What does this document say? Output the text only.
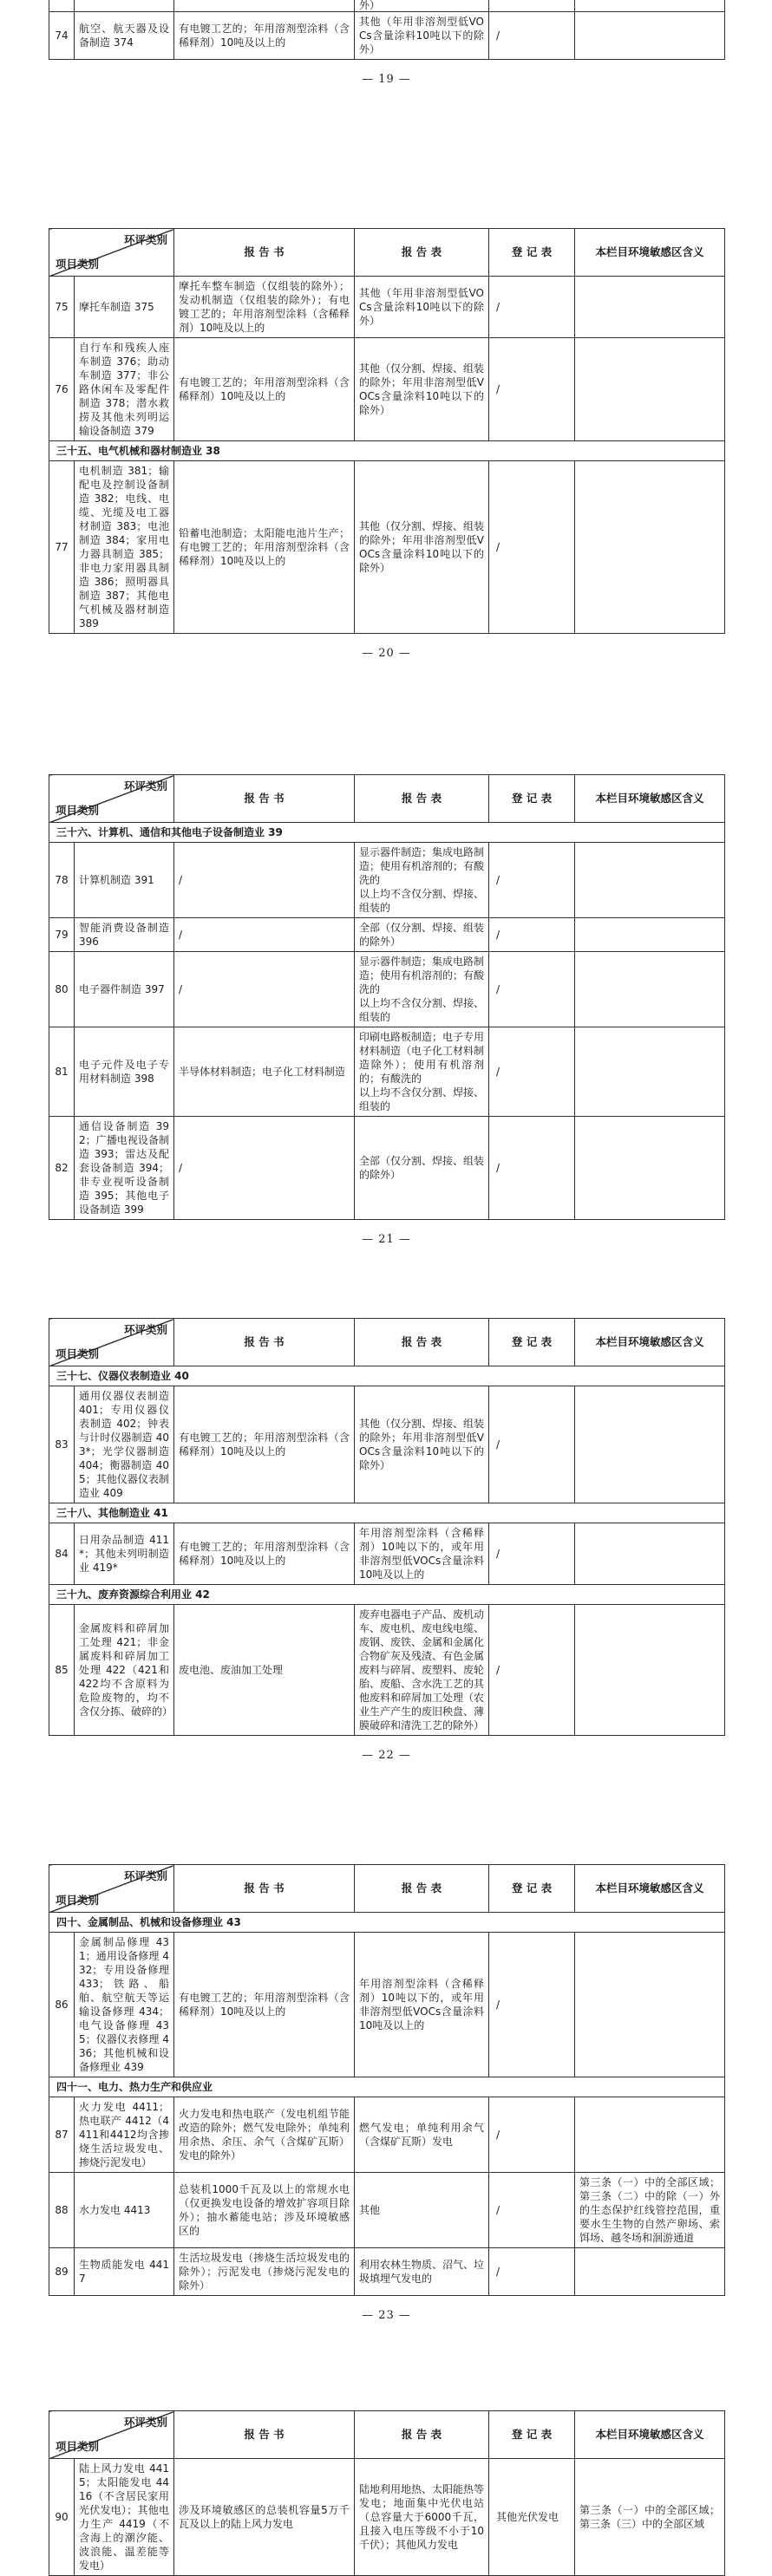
			外）		
74	航空、航天器及设备制造 374	有电镀工艺的；年用溶剂型涂料（含稀释剂）10吨及以上的	其他（年用非溶剂型低VOCs含量涂料10吨以下的除外）	/	
— 19 —
环评类别
项目类别		报 告 书	报 告 表	登 记 表	本栏目环境敏感区含义
75	摩托车制造 375	摩托车整车制造（仅组装的除外）；发动机制造（仅组装的除外）；有电镀工艺的；年用溶剂型涂料（含稀释剂）10吨及以上的	其他（年用非溶剂型低VOCs含量涂料10吨以下的除外）	/	
76	自行车和残疾人座车制造 376；助动车制造 377；非公路休闲车及零配件制造 378；潜水救捞及其他未列明运输设备制造 379	有电镀工艺的；年用溶剂型涂料（含稀释剂）10吨及以上的	其他（仅分割、焊接、组装的除外；年用非溶剂型低VOCs含量涂料10吨以下的除外）	/	
三十五、电气机械和器材制造业 38					
77	电机制造 381；输配电及控制设备制造 382；电线、电缆、光缆及电工器材制造 383；电池制造 384；家用电力器具制造 385；非电力家用器具制造 386；照明器具制造 387；其他电气机械及器材制造 389	铅蓄电池制造；太阳能电池片生产；有电镀工艺的；年用溶剂型涂料（含稀释剂）10吨及以上的	其他（仅分割、焊接、组装的除外；年用非溶剂型低VOCs含量涂料10吨以下的除外）	/	
— 20 —
环评类别
项目类别		报 告 书	报 告 表	登 记 表	本栏目环境敏感区含义
三十六、计算机、通信和其他电子设备制造业 39					
78	计算机制造 391	/	显示器件制造；集成电路制造；使用有机溶剂的；有酸洗的
以上均不含仅分割、焊接、组装的	/	
79	智能消费设备制造 396	/	全部（仅分割、焊接、组装的除外）	/	
80	电子器件制造 397	/	显示器件制造；集成电路制造；使用有机溶剂的；有酸洗的
以上均不含仅分割、焊接、组装的	/	
81	电子元件及电子专用材料制造 398	半导体材料制造；电子化工材料制造	印刷电路板制造；电子专用材料制造（电子化工材料制造除外）；使用有机溶剂的；有酸洗的
以上均不含仅分割、焊接、组装的	/	
82	通信设备制造 392；广播电视设备制造 393；雷达及配套设备制造 394；非专业视听设备制造 395；其他电子设备制造 399	/	全部（仅分割、焊接、组装的除外）	/	
— 21 —
环评类别
项目类别		报 告 书	报 告 表	登 记 表	本栏目环境敏感区含义
三十七、仪器仪表制造业 40					
83	通用仪器仪表制造 401；专用仪器仪表制造 402；钟表与计时仪器制造 403*；光学仪器制造 404；衡器制造 405；其他仪器仪表制造业 409	有电镀工艺的；年用溶剂型涂料（含稀释剂）10吨及以上的	其他（仅分割、焊接、组装的除外；年用非溶剂型低VOCs含量涂料10吨以下的除外）	/	
三十八、其他制造业 41					
84	日用杂品制造 411*；其他未列明制造业 419*	有电镀工艺的；年用溶剂型涂料（含稀释剂）10吨及以上的	年用溶剂型涂料（含稀释剂）10吨以下的，或年用非溶剂型低VOCs含量涂料10吨及以上的	/	
三十九、废弃资源综合利用业 42					
85	金属废料和碎屑加工处理 421；非金属废料和碎屑加工处理 422（421和422均不含原料为危险废物的，均不含仅分拣、破碎的）	废电池、废油加工处理	废弃电器电子产品、废机动车、废电机、废电线电缆、废钢、废铁、金属和金属化合物矿灰及残渣、有色金属废料与碎屑、废塑料、废轮胎、废船、含水洗工艺的其他废料和碎屑加工处理（农业生产产生的废旧秧盘、薄膜破碎和清洗工艺的除外）	/	
— 22 —
环评类别
项目类别		报 告 书	报 告 表	登 记 表	本栏目环境敏感区含义
四十、金属制品、机械和设备修理业 43					
86	金属制品修理 431；通用设备修理 432；专用设备修理 433；铁路、船舶、航空航天等运输设备修理 434；电气设备修理 435；仪器仪表修理 436；其他机械和设备修理业 439	有电镀工艺的；年用溶剂型涂料（含稀释剂）10吨及以上的	年用溶剂型涂料（含稀释剂）10吨以下的，或年用非溶剂型低VOCs含量涂料10吨及以上的	/	
四十一、电力、热力生产和供应业					
87	火力发电 4411；热电联产 4412（4411和4412均含掺烧生活垃圾发电、掺烧污泥发电）	火力发电和热电联产（发电机组节能改造的除外；燃气发电除外；单纯利用余热、余压、余气（含煤矿瓦斯）发电的除外）	燃气发电；单纯利用余气（含煤矿瓦斯）发电	/	
88	水力发电 4413	总装机1000千瓦及以上的常规水电（仅更换发电设备的增效扩容项目除外）；抽水蓄能电站；涉及环境敏感区的	其他	/	第三条（一）中的全部区域；第三条（二）中的除（一）外的生态保护红线管控范围，重要水生生物的自然产卵场、索饵场、越冬场和洄游通道
89	生物质能发电 4417	生活垃圾发电（掺烧生活垃圾发电的除外）；污泥发电（掺烧污泥发电的除外）	利用农林生物质、沼气、垃圾填埋气发电的	/	
— 23 —
环评类别
项目类别		报 告 书	报 告 表	登 记 表	本栏目环境敏感区含义
90	陆上风力发电 4415；太阳能发电 4416（不含居民家用光伏发电）；其他电力生产 4419（不含海上的潮汐能、波浪能、温差能等发电）	涉及环境敏感区的总装机容量5万千瓦及以上的陆上风力发电	陆地利用地热、太阳能热等发电；地面集中光伏电站（总容量大于6000千瓦，且接入电压等级不小于10千伏）；其他风力发电	其他光伏发电	第三条（一）中的全部区域；第三条（三）中的全部区域
